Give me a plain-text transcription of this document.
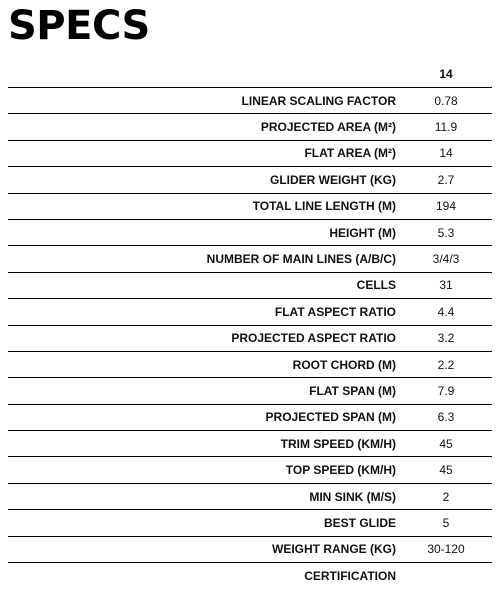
SPECS
14
LINEAR SCALING FACTOR	0.78
PROJECTED AREA (M²)	11.9
FLAT AREA (M²)	14
GLIDER WEIGHT (KG)	2.7
TOTAL LINE LENGTH (M)	194
HEIGHT (M)	5.3
NUMBER OF MAIN LINES (A/B/C)	3/4/3
CELLS	31
FLAT ASPECT RATIO	4.4
PROJECTED ASPECT RATIO	3.2
ROOT CHORD (M)	2.2
FLAT SPAN (M)	7.9
PROJECTED SPAN (M)	6.3
TRIM SPEED (KM/H)	45
TOP SPEED (KM/H)	45
MIN SINK (M/S)	2
BEST GLIDE	5
WEIGHT RANGE (KG)	30-120
CERTIFICATION
